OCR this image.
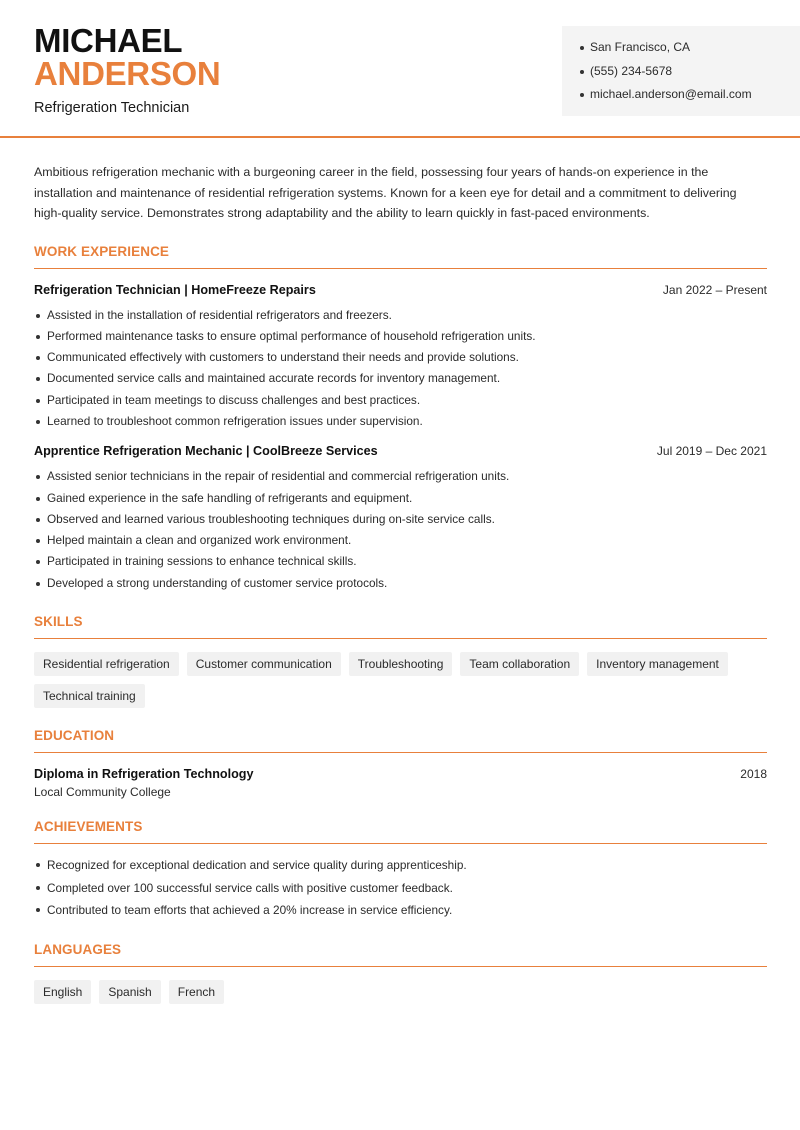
MICHAEL
ANDERSON
Refrigeration Technician
San Francisco, CA
(555) 234-5678
michael.anderson@email.com

Ambitious refrigeration mechanic with a burgeoning career in the field, possessing four years of hands-on experience in the installation and maintenance of residential refrigeration systems. Known for a keen eye for detail and a commitment to delivering high-quality service. Demonstrates strong adaptability and the ability to learn quickly in fast-paced environments.

WORK EXPERIENCE
Refrigeration Technician | HomeFreeze Repairs	Jan 2022 – Present
Assisted in the installation of residential refrigerators and freezers.
Performed maintenance tasks to ensure optimal performance of household refrigeration units.
Communicated effectively with customers to understand their needs and provide solutions.
Documented service calls and maintained accurate records for inventory management.
Participated in team meetings to discuss challenges and best practices.
Learned to troubleshoot common refrigeration issues under supervision.
Apprentice Refrigeration Mechanic | CoolBreeze Services	Jul 2019 – Dec 2021
Assisted senior technicians in the repair of residential and commercial refrigeration units.
Gained experience in the safe handling of refrigerants and equipment.
Observed and learned various troubleshooting techniques during on-site service calls.
Helped maintain a clean and organized work environment.
Participated in training sessions to enhance technical skills.
Developed a strong understanding of customer service protocols.
SKILLS
Residential refrigeration	Customer communication	Troubleshooting	Team collaboration	Inventory management
Technical training
EDUCATION
Diploma in Refrigeration Technology	2018
Local Community College
ACHIEVEMENTS
Recognized for exceptional dedication and service quality during apprenticeship.
Completed over 100 successful service calls with positive customer feedback.
Contributed to team efforts that achieved a 20% increase in service efficiency.
LANGUAGES
English	Spanish	French
